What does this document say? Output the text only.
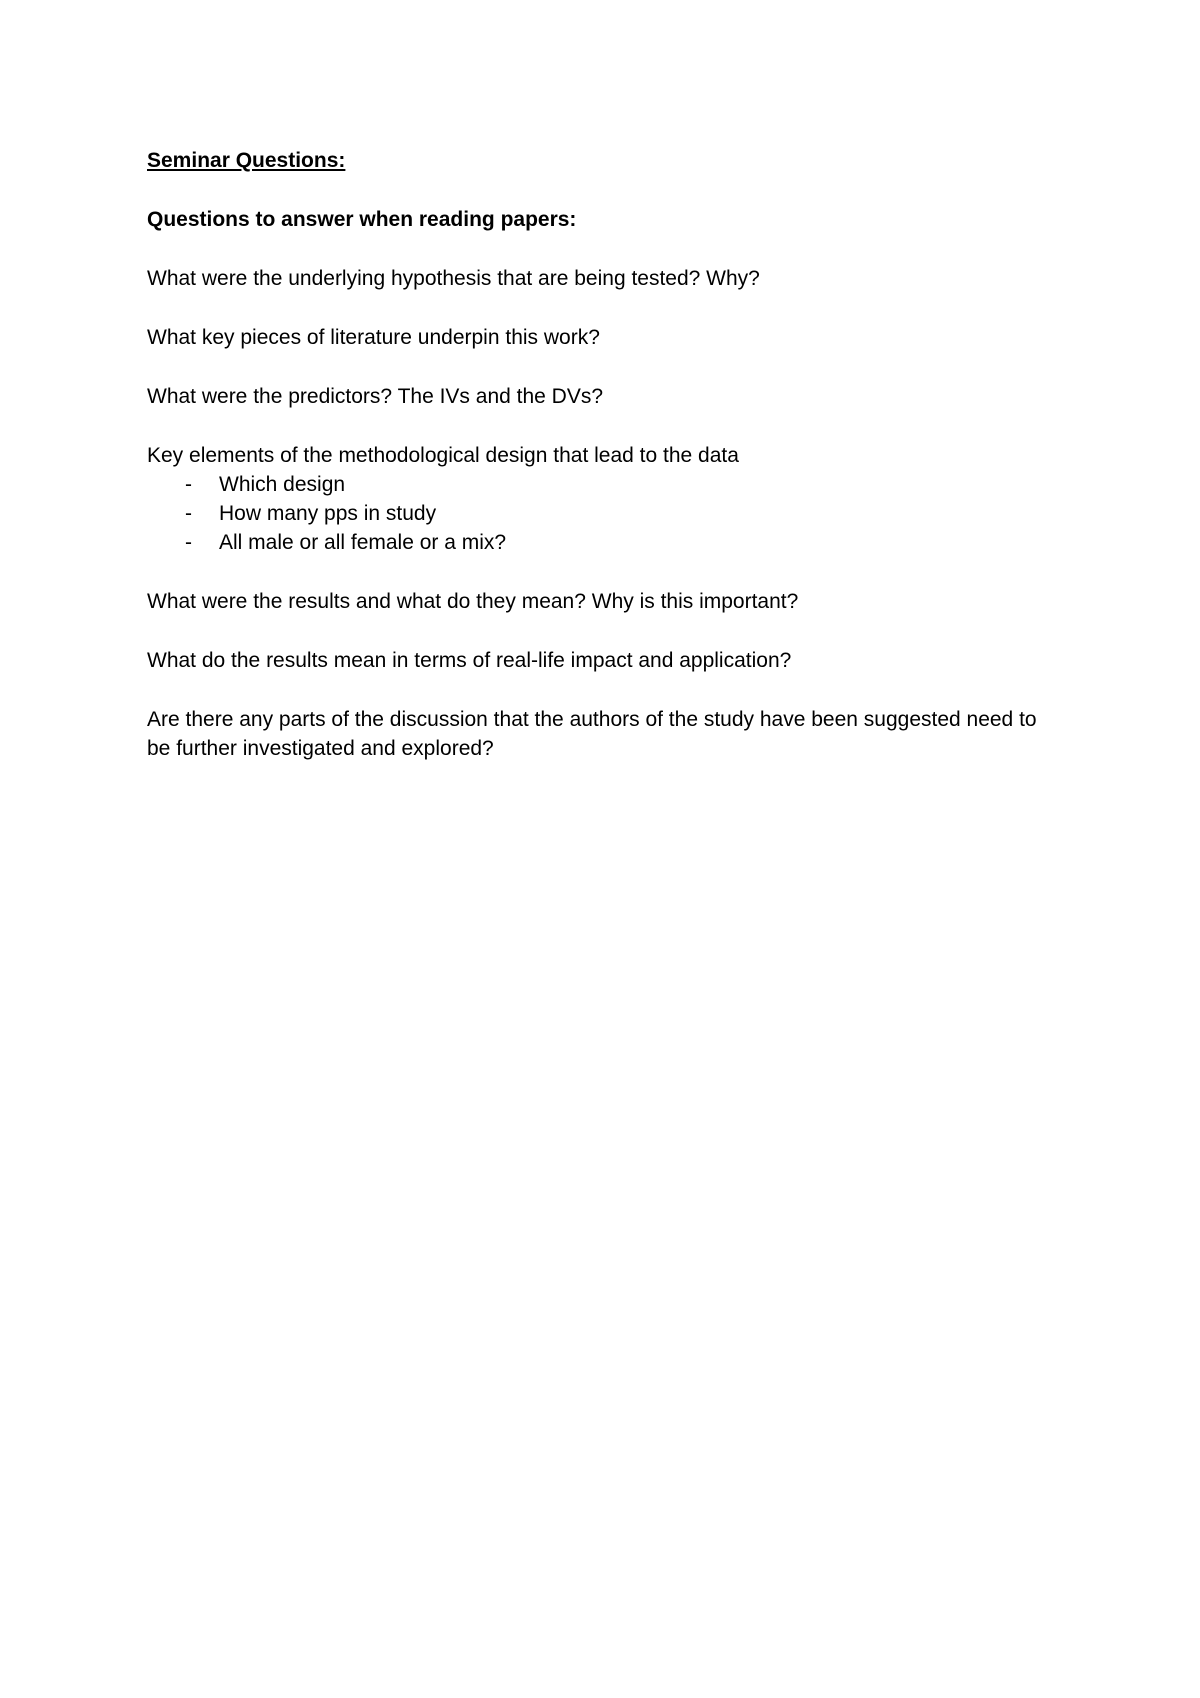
Seminar Questions:
Questions to answer when reading papers:
What were the underlying hypothesis that are being tested? Why?
What key pieces of literature underpin this work?
What were the predictors? The IVs and the DVs?
Key elements of the methodological design that lead to the data
- Which design
- How many pps in study
- All male or all female or a mix?
What were the results and what do they mean? Why is this important?
What do the results mean in terms of real-life impact and application?
Are there any parts of the discussion that the authors of the study have been suggested need to be further investigated and explored?
